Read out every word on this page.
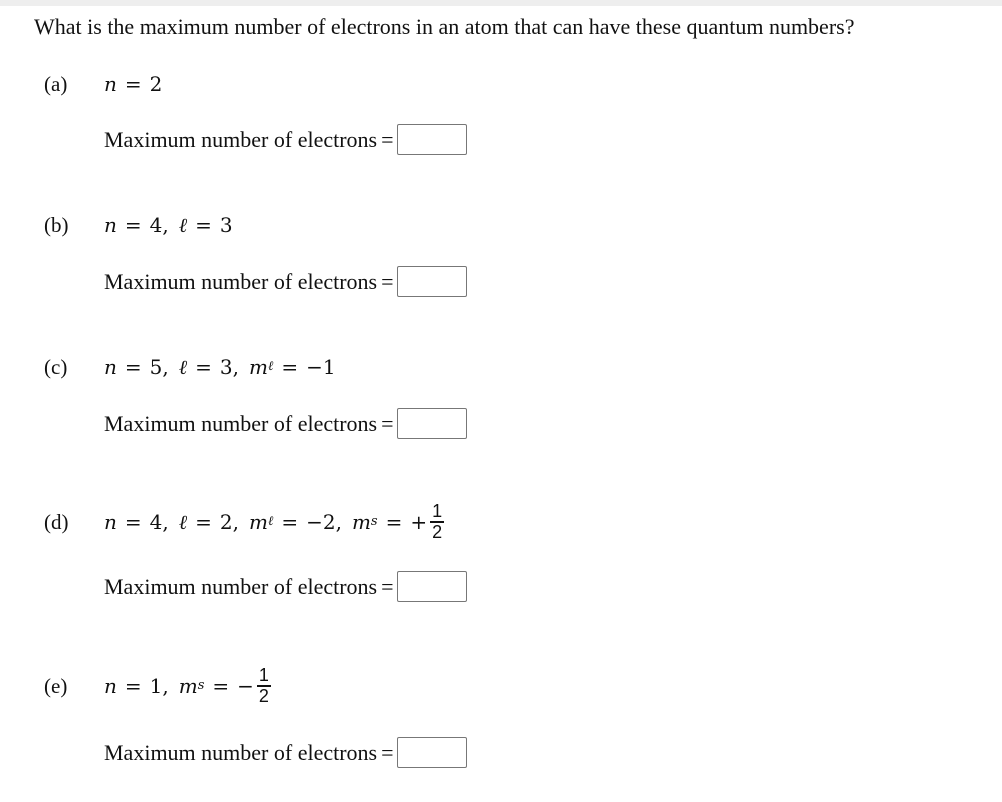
What is the maximum number of electrons in an atom that can have these quantum numbers?
(a) n = 2
Maximum number of electrons =
(b) n = 4 , ℓ = 3
Maximum number of electrons =
(c) n = 5 , ℓ = 3 , m ℓ = −1
Maximum number of electrons =
(d) n = 4 , ℓ = 2 , m ℓ = −2 , m s = + $\frac{1}{2}$
Maximum number of electrons =
(e) n = 1 , m s = − $\frac{1}{2}$
Maximum number of electrons =
